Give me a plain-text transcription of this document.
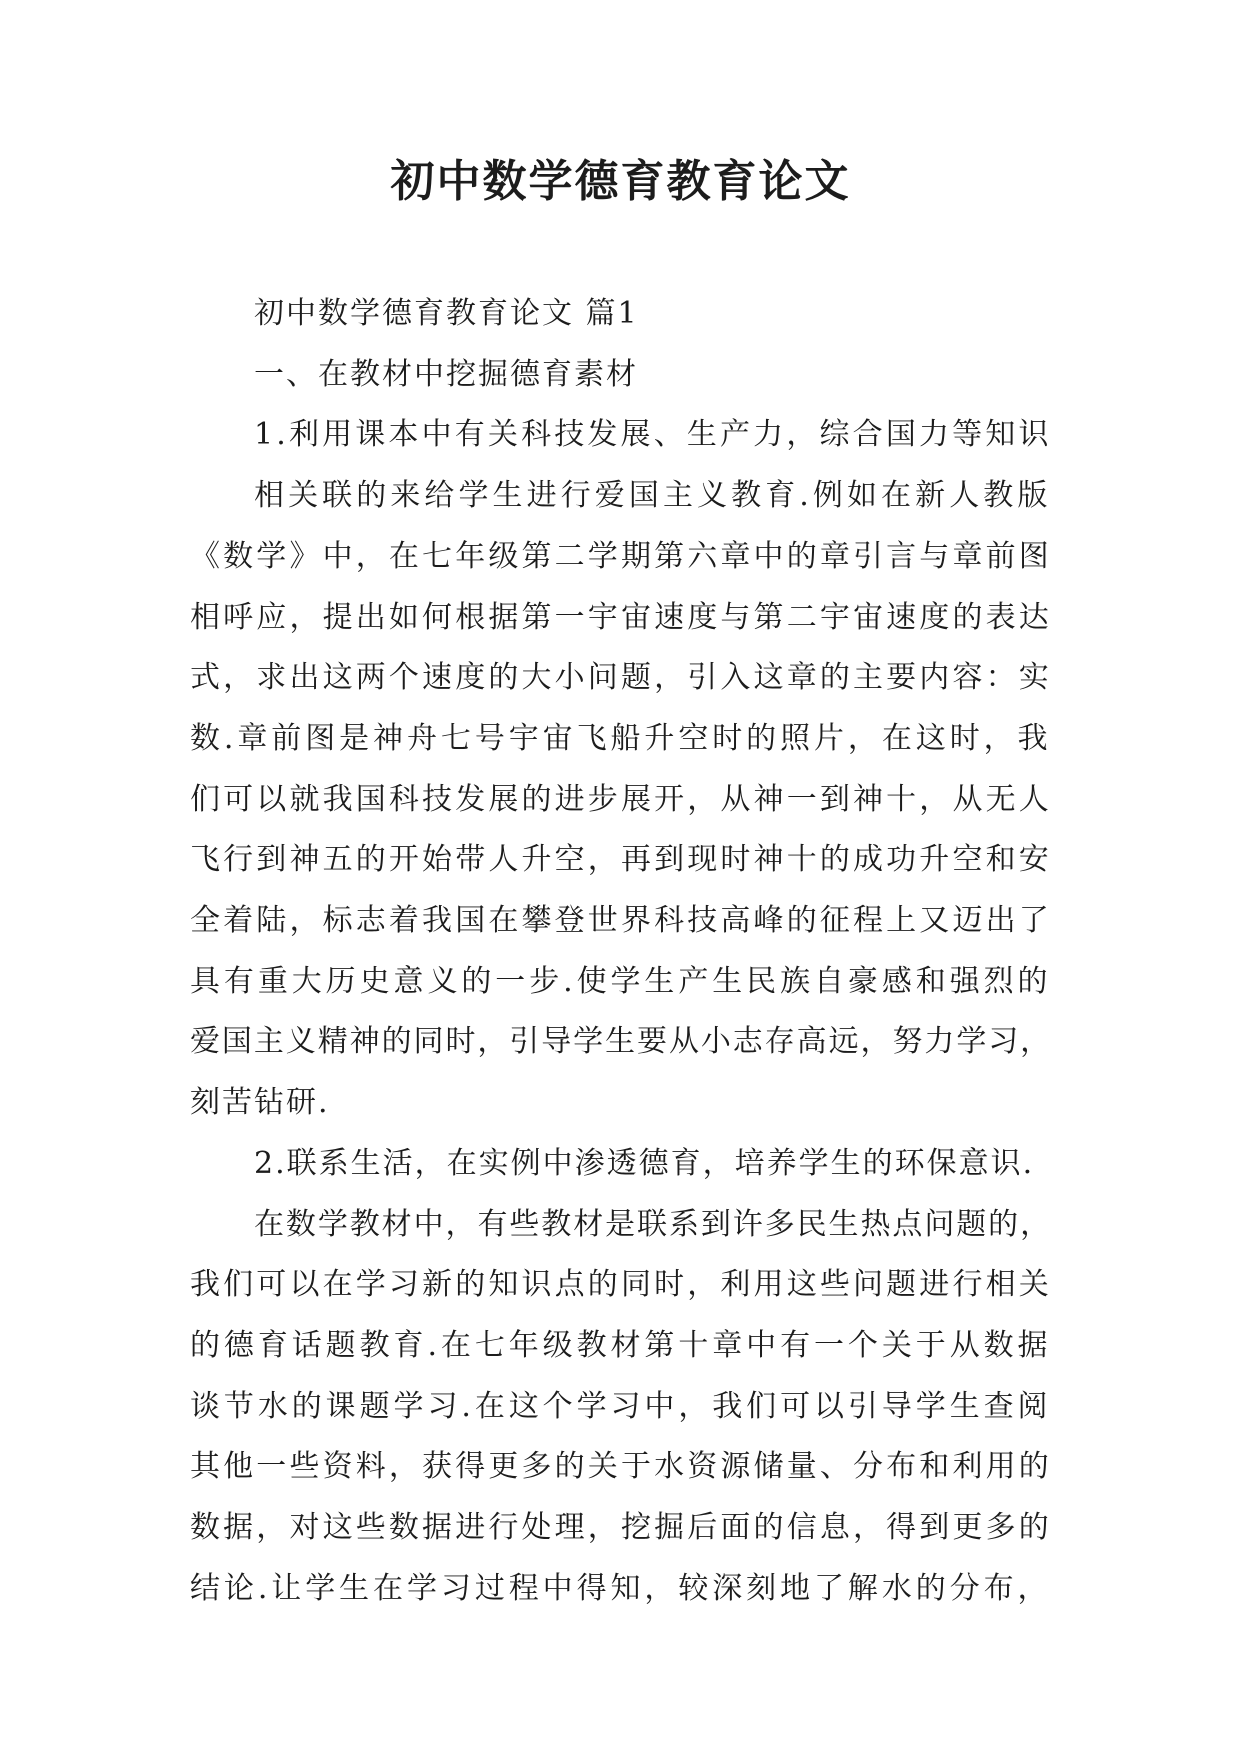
初中数学德育教育论文
初中数学德育教育论文 篇1
一、在教材中挖掘德育素材
1.利用课本中有关科技发展、生产力，综合国力等知识
相关联的来给学生进行爱国主义教育.例如在新人教版
《数学》中，在七年级第二学期第六章中的章引言与章前图
相呼应，提出如何根据第一宇宙速度与第二宇宙速度的表达
式，求出这两个速度的大小问题，引入这章的主要内容：实
数.章前图是神舟七号宇宙飞船升空时的照片，在这时，我
们可以就我国科技发展的进步展开，从神一到神十，从无人
飞行到神五的开始带人升空，再到现时神十的成功升空和安
全着陆，标志着我国在攀登世界科技高峰的征程上又迈出了
具有重大历史意义的一步.使学生产生民族自豪感和强烈的
爱国主义精神的同时，引导学生要从小志存高远，努力学习，
刻苦钻研.
2.联系生活，在实例中渗透德育，培养学生的环保意识.
在数学教材中，有些教材是联系到许多民生热点问题的，
我们可以在学习新的知识点的同时，利用这些问题进行相关
的德育话题教育.在七年级教材第十章中有一个关于从数据
谈节水的课题学习.在这个学习中，我们可以引导学生查阅
其他一些资料，获得更多的关于水资源储量、分布和利用的
数据，对这些数据进行处理，挖掘后面的信息，得到更多的
结论.让学生在学习过程中得知，较深刻地了解水的分布，
